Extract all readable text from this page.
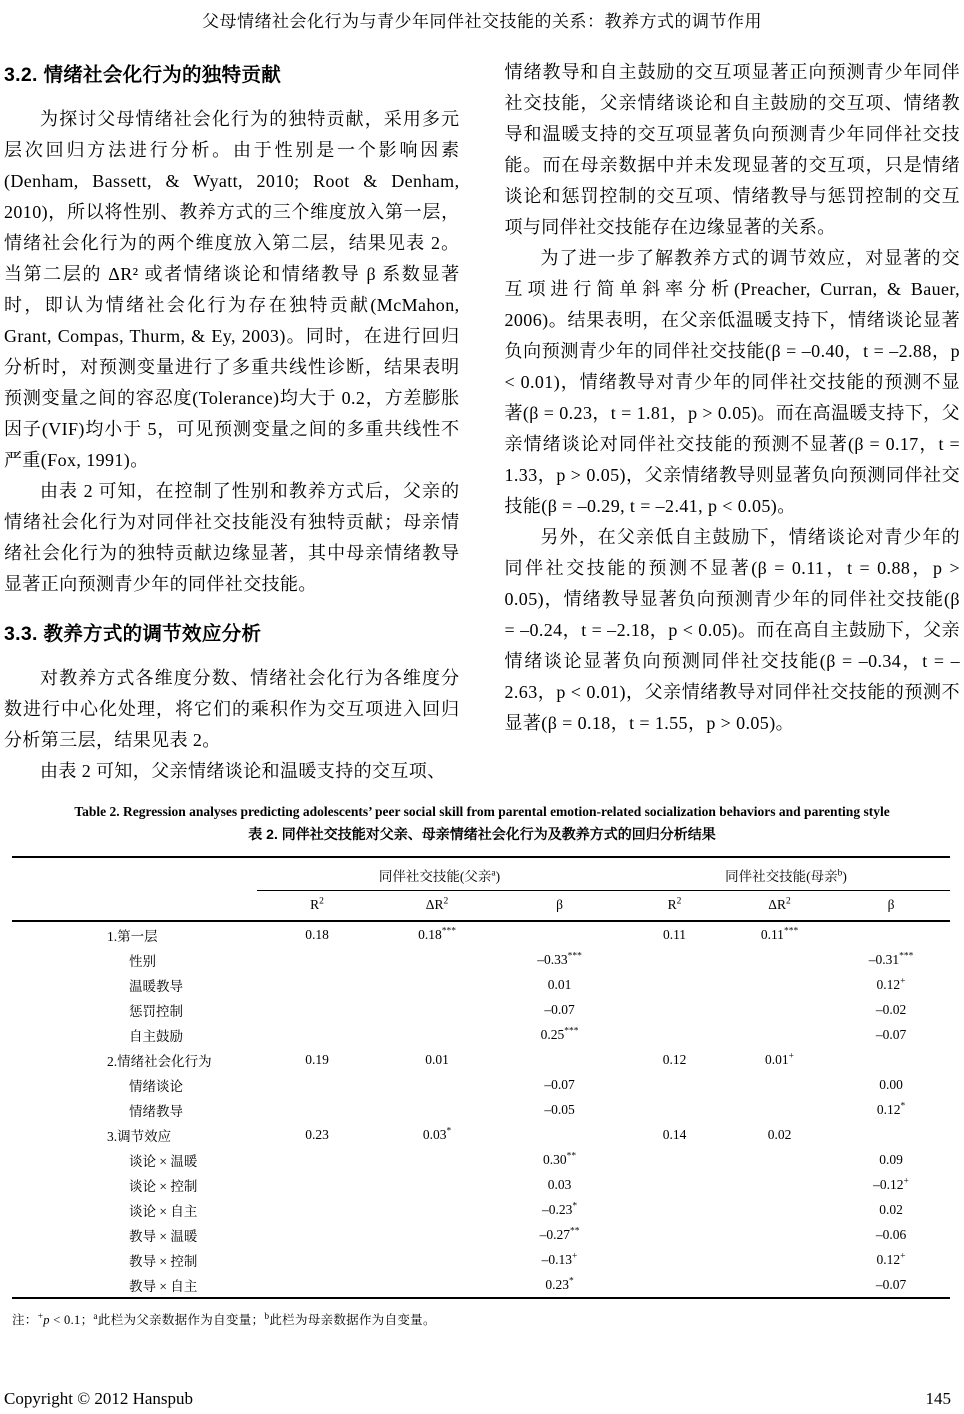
父母情绪社会化行为与青少年同伴社交技能的关系：教养方式的调节作用
3.2. 情绪社会化行为的独特贡献

为探讨父母情绪社会化行为的独特贡献，采用多元层次回归方法进行分析。由于性别是一个影响因素(Denham, Bassett, & Wyatt, 2010; Root & Denham, 2010)，所以将性别、教养方式的三个维度放入第一层，情绪社会化行为的两个维度放入第二层，结果见表 2。当第二层的 ΔR² 或者情绪谈论和情绪教导 β 系数显著时，即认为情绪社会化行为存在独特贡献(McMahon, Grant, Compas, Thurm, & Ey, 2003)。同时，在进行回归分析时，对预测变量进行了多重共线性诊断，结果表明预测变量之间的容忍度(Tolerance)均大于 0.2，方差膨胀因子(VIF)均小于 5，可见预测变量之间的多重共线性不严重(Fox, 1991)。

由表 2 可知，在控制了性别和教养方式后，父亲的情绪社会化行为对同伴社交技能没有独特贡献；母亲情绪社会化行为的独特贡献边缘显著，其中母亲情绪教导显著正向预测青少年的同伴社交技能。

3.3. 教养方式的调节效应分析

对教养方式各维度分数、情绪社会化行为各维度分数进行中心化处理，将它们的乘积作为交互项进入回归分析第三层，结果见表 2。

由表 2 可知，父亲情绪谈论和温暖支持的交互项、

情绪教导和自主鼓励的交互项显著正向预测青少年同伴社交技能，父亲情绪谈论和自主鼓励的交互项、情绪教导和温暖支持的交互项显著负向预测青少年同伴社交技能。而在母亲数据中并未发现显著的交互项，只是情绪谈论和惩罚控制的交互项、情绪教导与惩罚控制的交互项与同伴社交技能存在边缘显著的关系。

为了进一步了解教养方式的调节效应，对显著的交互项进行简单斜率分析(Preacher, Curran, & Bauer, 2006)。结果表明，在父亲低温暖支持下，情绪谈论显著负向预测青少年的同伴社交技能(β = –0.40，t = –2.88，p < 0.01)，情绪教导对青少年的同伴社交技能的预测不显著(β = 0.23，t = 1.81，p > 0.05)。而在高温暖支持下，父亲情绪谈论对同伴社交技能的预测不显著(β = 0.17，t = 1.33，p > 0.05)，父亲情绪教导则显著负向预测同伴社交技能(β = –0.29, t = –2.41, p < 0.05)。

另外，在父亲低自主鼓励下，情绪谈论对青少年的同伴社交技能的预测不显著(β = 0.11，t = 0.88，p > 0.05)，情绪教导显著负向预测青少年的同伴社交技能(β = –0.24，t = –2.18，p < 0.05)。而在高自主鼓励下，父亲情绪谈论显著负向预测同伴社交技能(β = –0.34，t = –2.63，p < 0.01)，父亲情绪教导对同伴社交技能的预测不显著(β = 0.18，t = 1.55，p > 0.05)。

Table 2. Regression analyses predicting adolescents’ peer social skill from parental emotion-related socialization behaviors and parenting style
表 2. 同伴社交技能对父亲、母亲情绪社会化行为及教养方式的回归分析结果
	同伴社交技能(父亲$^a$)			同伴社交技能(母亲$^b$)		
	$R^2$	$\Delta R^2$	β	$R^2$	$\Delta R^2$	β
1.第一层	0.18	0.18***		0.11	0.11***	
性别			–0.33***			–0.31***
温暖教导			0.01			0.12+
惩罚控制			–0.07			–0.02
自主鼓励			0.25***			–0.07
2.情绪社会化行为	0.19	0.01		0.12	0.01+	
情绪谈论			–0.07			0.00
情绪教导			–0.05			0.12*
3.调节效应	0.23	0.03*		0.14	0.02	
谈论 × 温暖			0.30**			0.09
谈论 × 控制			0.03			–0.12+
谈论 × 自主			–0.23*			0.02
教导 × 温暖			–0.27**			–0.06
教导 × 控制			–0.13+			0.12+
教导 × 自主			0.23*			–0.07
注：+p < 0.1；$^a$此栏为父亲数据作为自变量；$^b$此栏为母亲数据作为自变量。
Copyright © 2012 Hanspub	145
